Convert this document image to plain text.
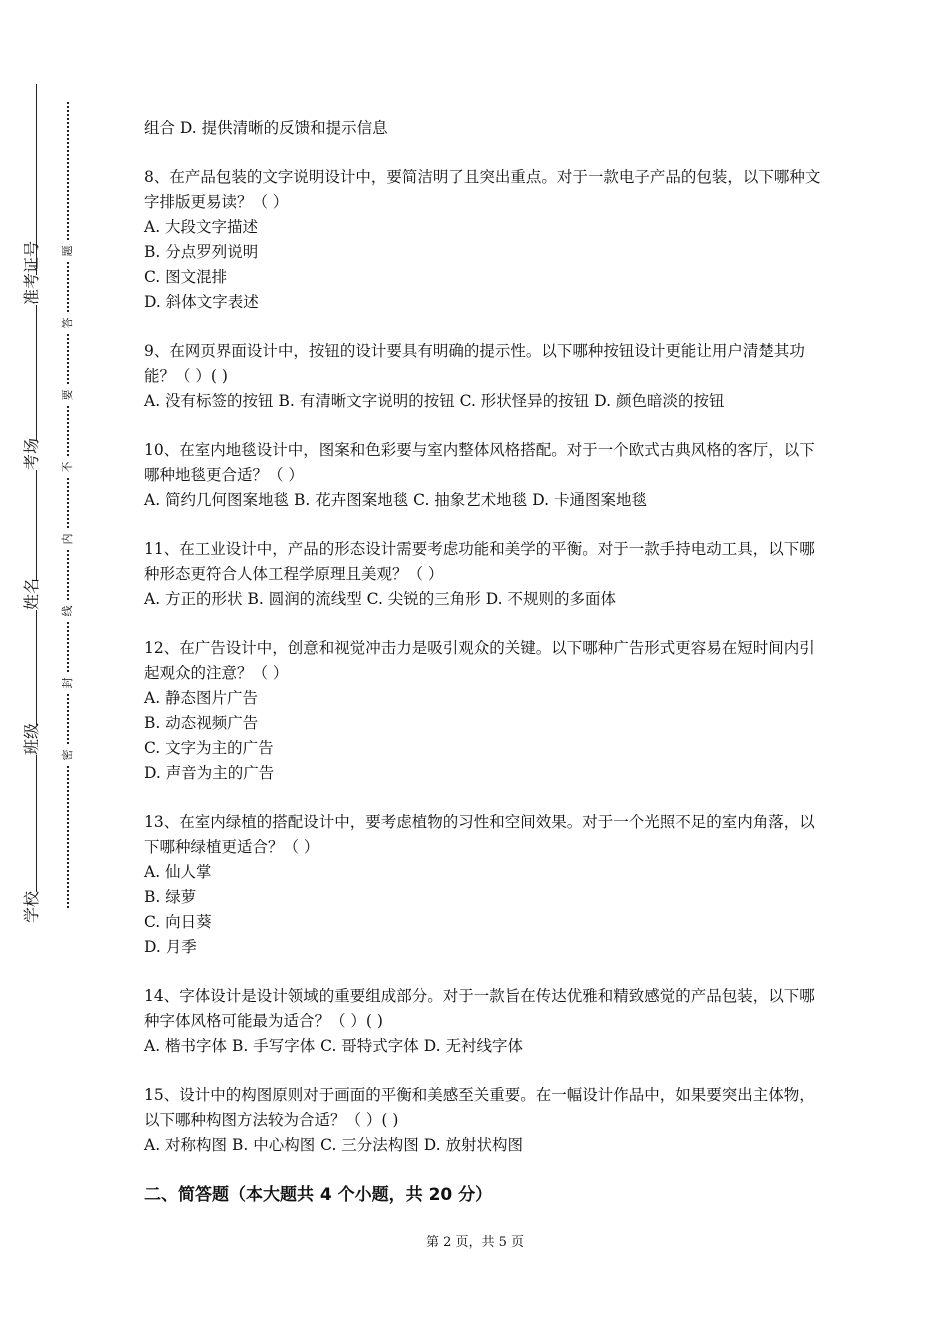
准考证号
考场
姓名
班级
学校
题
答
要
不
内
线
封
密

组合 D. 提供清晰的反馈和提示信息

8、在产品包装的文字说明设计中，要简洁明了且突出重点。对于一款电子产品的包装，以下哪种文字排版更易读？（ ）

A. 大段文字描述

B. 分点罗列说明

C. 图文混排

D. 斜体文字表述

9、在网页界面设计中，按钮的设计要具有明确的提示性。以下哪种按钮设计更能让用户清楚其功能？（ ）( )

A. 没有标签的按钮 B. 有清晰文字说明的按钮 C. 形状怪异的按钮 D. 颜色暗淡的按钮

10、在室内地毯设计中，图案和色彩要与室内整体风格搭配。对于一个欧式古典风格的客厅，以下哪种地毯更合适？（ ）

A. 简约几何图案地毯 B. 花卉图案地毯 C. 抽象艺术地毯 D. 卡通图案地毯

11、在工业设计中，产品的形态设计需要考虑功能和美学的平衡。对于一款手持电动工具，以下哪种形态更符合人体工程学原理且美观？（ ）

A. 方正的形状 B. 圆润的流线型 C. 尖锐的三角形 D. 不规则的多面体

12、在广告设计中，创意和视觉冲击力是吸引观众的关键。以下哪种广告形式更容易在短时间内引起观众的注意？（ ）

A. 静态图片广告

B. 动态视频广告

C. 文字为主的广告

D. 声音为主的广告

13、在室内绿植的搭配设计中，要考虑植物的习性和空间效果。对于一个光照不足的室内角落，以下哪种绿植更适合？（ ）

A. 仙人掌

B. 绿萝

C. 向日葵

D. 月季

14、字体设计是设计领域的重要组成部分。对于一款旨在传达优雅和精致感觉的产品包装，以下哪种字体风格可能最为适合？（ ）( )

A. 楷书字体 B. 手写字体 C. 哥特式字体 D. 无衬线字体

15、设计中的构图原则对于画面的平衡和美感至关重要。在一幅设计作品中，如果要突出主体物，以下哪种构图方法较为合适？（ ）( )

A. 对称构图 B. 中心构图 C. 三分法构图 D. 放射状构图

二、简答题（本大题共 4 个小题，共 20 分）
第 2 页，共 5 页
